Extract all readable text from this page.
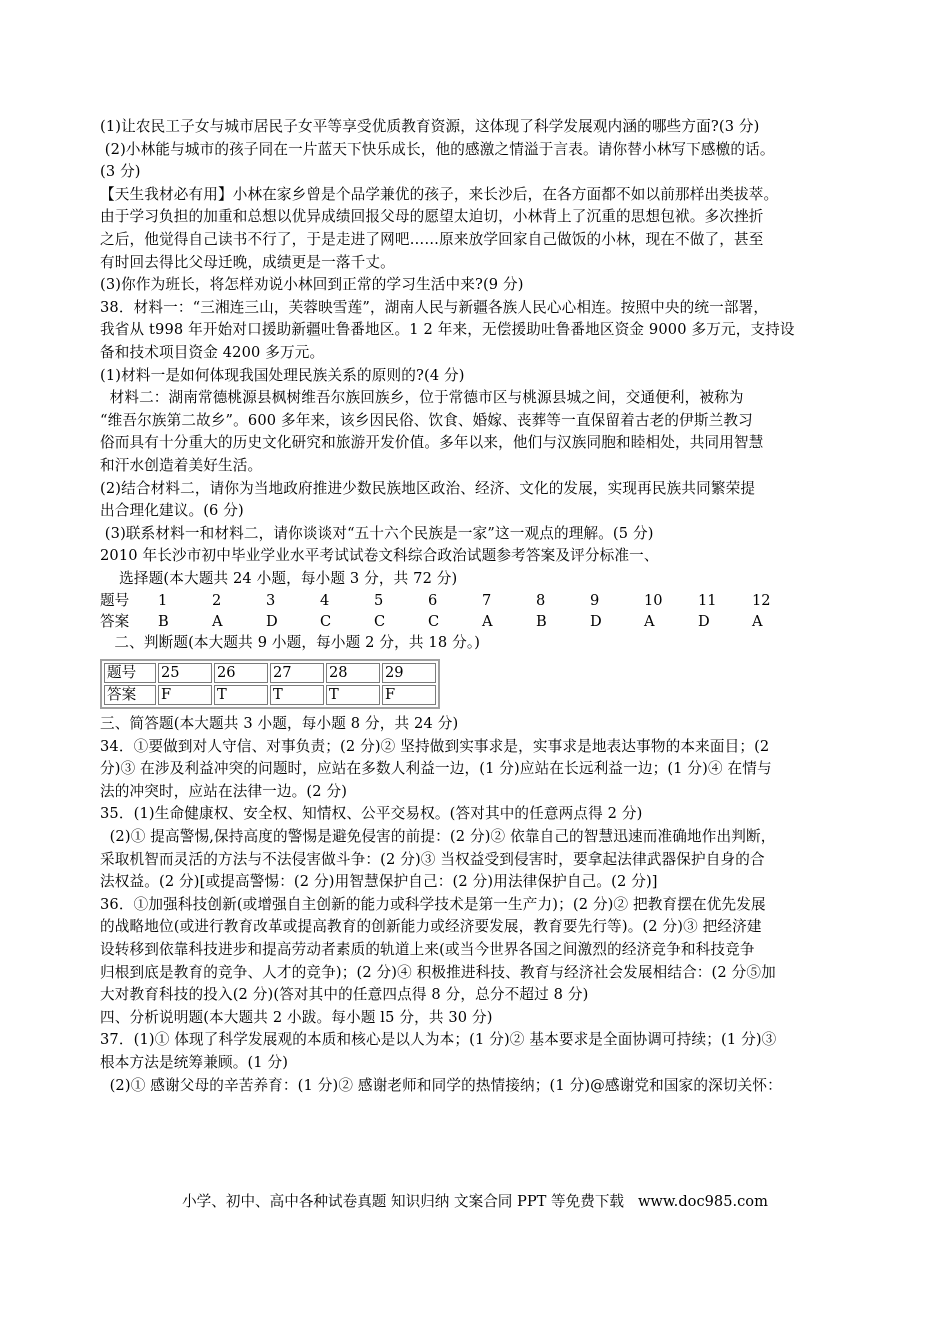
(1)让农民工子女与城市居民子女平等享受优质教育资源，这体现了科学发展观内涵的哪些方面?(3 分)

(2)小林能与城市的孩子同在一片蓝天下快乐成长，他的感激之情溢于言表。请你替小林写下感檄的话。

(3 分)

【天生我材必有用】小林在家乡曾是个品学兼优的孩子，来长沙后，在各方面都不如以前那样出类拔萃。

由于学习负担的加重和总想以优异成绩回报父母的愿望太迫切，小林背上了沉重的思想包袱。多次挫折

之后，他觉得自己读书不行了，于是走进了网吧……原来放学回家自己做饭的小林，现在不做了，甚至

有时回去得比父母迁晚，成绩更是一落千丈。

(3)你作为班长，将怎样劝说小林回到正常的学习生活中来?(9 分)

38．材料一：“三湘连三山，芙蓉映雪莲”，湖南人民与新疆各族人民心心相连。按照中央的统一部署，

我省从 t998 年开始对口援助新疆吐鲁番地区。1 2 年来，无偿援助吐鲁番地区资金 9000 多万元，支持设

备和技术项目资金 4200 多万元。

(1)材料一是如何体现我国处理民族关系的原则的?(4 分)

材料二：湖南常德桃源县枫树维吾尔族回族乡，位于常德市区与桃源县城之间，交通便利，被称为

“维吾尔族第二故乡”。600 多年来，该乡因民俗、饮食、婚嫁、丧葬等一直保留着古老的伊斯兰教习

俗而具有十分重大的历史文化研究和旅游开发价值。多年以来，他们与汉族同胞和睦相处，共同用智慧

和汗水创造着美好生活。

(2)结合材料二，请你为当地政府推进少数民族地区政治、经济、文化的发展，实现再民族共同繁荣提

出合理化建议。(6 分)

(3)联系材料一和材料二，请你谈谈对“五十六个民族是一家”这一观点的理解。(5 分)

2010 年长沙市初中毕业学业水平考试试卷文科综合政治试题参考答案及评分标准一、

选择题(本大题共 24 小题，每小题 3 分，共 72 分)

题号	1	2	3	4	5	6	7	8	9	10	11	12
答案	B	A	D	C	C	C	A	B	D	A	D	A

二、判断题(本大题共 9 小题，每小题 2 分，共 18 分。)

题号	25	26	27	28	29
答案	F	T	T	T	F

三、简答题(本大题共 3 小题，每小题 8 分，共 24 分)

34．①要做到对人守信、对事负责；(2 分)② 坚持做到实事求是，实事求是地表达事物的本来面目；(2

分)③ 在涉及利益冲突的问题时，应站在多数人利益一边，(1 分)应站在长远利益一边；(1 分)④ 在情与

法的冲突时，应站在法律一边。(2 分)

35．(1)生命健康权、安全权、知情权、公平交易权。(答对其中的任意两点得 2 分)

(2)① 提高警惕,保持高度的警惕是避免侵害的前提：(2 分)② 依靠自己的智慧迅速而准确地作出判断，

采取机智而灵活的方法与不法侵害做斗争：(2 分)③ 当权益受到侵害时，要拿起法律武器保护自身的合

法权益。(2 分)[或提高警惕：(2 分)用智慧保护自己：(2 分)用法律保护自己。(2 分)]

36．①加强科技创新(或增强自主创新的能力或科学技术是第一生产力)；(2 分)② 把教育摆在优先发展

的战略地位(或进行教育改革或提高教育的创新能力或经济要发展，教育要先行等)。(2 分)③ 把经济建

设转移到依靠科技进步和提高劳动者素质的轨道上来(或当今世界各国之间激烈的经济竞争和科技竞争

归根到底是教育的竞争、人才的竞争)；(2 分)④ 积极推进科技、教育与经济社会发展相结合：(2 分⑤加

大对教育科技的投入(2 分)(答对其中的任意四点得 8 分，总分不超过 8 分)

四、分析说明题(本大题共 2 小跋。每小题 l5 分，共 30 分)

37．(1)① 体现了科学发展观的本质和核心是以人为本；(1 分)② 基本要求是全面协调可持续；(1 分)③

根本方法是统筹兼顾。(1 分)

(2)① 感谢父母的辛苦养育：(1 分)② 感谢老师和同学的热情接纳；(1 分)@感谢党和国家的深切关怀：

小学、初中、高中各种试卷真题 知识归纳 文案合同 PPT 等免费下载   www.doc985.com
